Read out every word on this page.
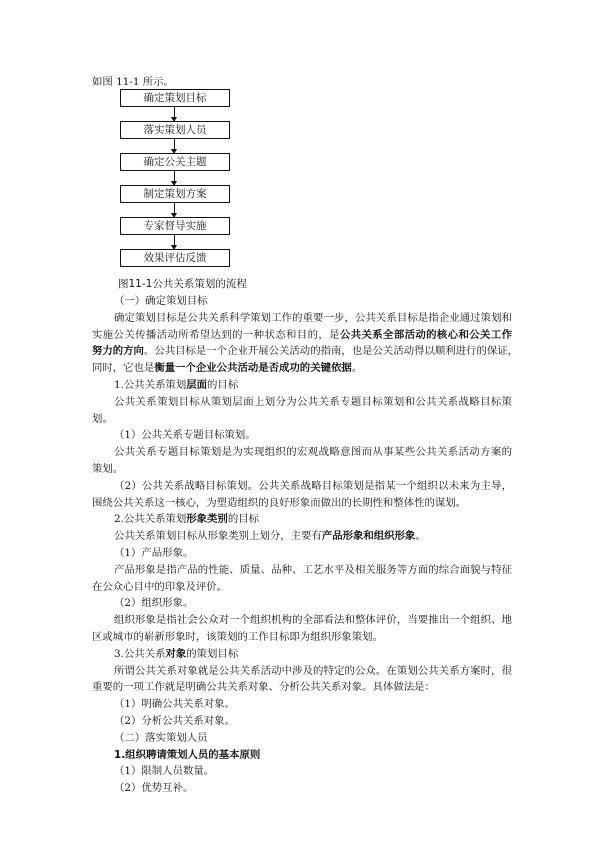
如图 11-1 所示。
确定策划目标
落实策划人员
确定公关主题
制定策划方案
专家督导实施
效果评估反馈
图11-1公共关系策划的流程
（一）确定策划目标
确定策划目标是公共关系科学策划工作的重要一步，公共关系目标是指企业通过策划和
实施公关传播活动所希望达到的一种状态和目的，是公共关系全部活动的核心和公关工作
努力的方向。公共目标是一个企业开展公关活动的指南，也是公关活动得以顺利进行的保证，
同时，它也是衡量一个企业公共活动是否成功的关键依据。
1.公共关系策划层面的目标
公共关系策划目标从策划层面上划分为公共关系专题目标策划和公共关系战略目标策
划。
（1）公共关系专题目标策划。
公共关系专题目标策划是为实现组织的宏观战略意图而从事某些公共关系活动方案的
策划。
（2）公共关系战略目标策划。公共关系战略目标策划是指某一个组织以未来为主导，
围绕公共关系这一核心，为塑造组织的良好形象而做出的长期性和整体性的谋划。
2.公共关系策划形象类别的目标
公共关系策划目标从形象类别上划分，主要有产品形象和组织形象。
（1）产品形象。
产品形象是指产品的性能、质量、品种、工艺水平及相关服务等方面的综合面貌与特征
在公众心目中的印象及评价。
（2）组织形象。
组织形象是指社会公众对一个组织机构的全部看法和整体评价，当要推出一个组织、地
区或城市的崭新形象时，该策划的工作目标即为组织形象策划。
3.公共关系对象的策划目标
所谓公共关系对象就是公共关系活动中涉及的特定的公众。在策划公共关系方案时，很
重要的一项工作就是明确公共关系对象、分析公共关系对象。具体做法是：
（1）明确公共关系对象。
（2）分析公共关系对象。
（二）落实策划人员
1.组织聘请策划人员的基本原则
（1）限制人员数量。
（2）优势互补。
